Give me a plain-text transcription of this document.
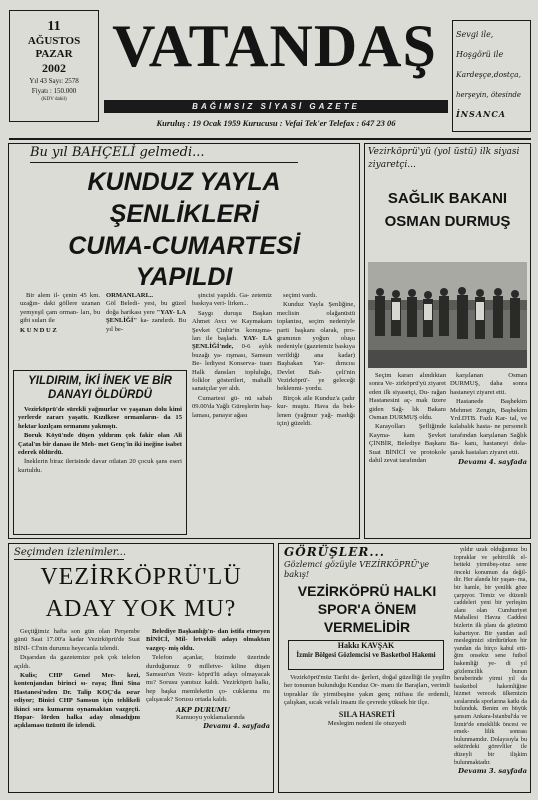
11
AĞUSTOS
PAZAR
2002
Yıl 43 Sayı: 2578
Fiyatı : 150.000
(KDV dahil)
VATANDAŞ
BAĞIMSIZ SİYASİ GAZETE
Kuruluş : 19 Ocak 1959 Kurucusu : Vefai Tek'er Telefax : 647 23 06
Sevgi ile,
Hoşgörü ile
Kardeşçe,dostça,
herşeyin, ötesinde
İNSANCA
Bu yıl BAHÇELİ gelmedi...
KUNDUZ YAYLA
ŞENLİKLERİ
CUMA-CUMARTESİ
YAPILDI

Bir alem il- çenin 45 km. uzağın- daki göllere uzanan yemyeşil çam orman- ları, bu gibi suları ile

K U N D U Z
ORMANLARI...
Göl Beledi- yesi, bu güzel doğa harikası yere "YAY- LA ŞENLİĞİ" ka- zandırdı. Bu yıl be-

şincisi yapıldı. Ga- zetemiz baskıya veri- lirken...

Saygı duruşu Başkan Ahmet Avcı ve Kaymakam Şevket Çinbir'in konuşma- ları ile başladı. YAY- LA ŞENLİĞİ'nde, 0-6 aylık buzağı ya- rışması, Samsun Be- lediyesi Konserva- tuarı Halk dansları topluluğu, folklor gösterileri, mahalli sanatçılar yer aldı.

Cumartesi gü- nü sabah 09.00'da Yağlı Güreşlerin baş- laması, panayır ağası

seçimi vardı.

Kunduz Yayla Şenliğine, meclisin olağanüstü toplantısı, seçim nedeniyle parti başkanı olarak, pro- gramının yoğun oluşu nedeniyle (gazetemiz baskıya verildiği ana kadar) Başbakan Yar- dımcısı Devlet Bah- çeli'nin Vezirköprü'- ye geleceği beklenmi- yordu.

Birçok aile Kunduz'a çadır kur- muştu. Hava da bek- lenen (yağmur yağ- madığı için) güzeldi.

YILDIRIM, İKİ İNEK VE BİR DANAYI ÖLDÜRDÜ

Vezirköprü'de sürekli yağmurlar ve yaşanan dolu kimi yerlerde zararı yaşattı. Kızılkese ormanların- da 15 hektar kızılçam ormanını yakmıştı.

Boruk Köyü'nde düşen yıldırım çok fakir olan Ali Çatal'ın bir danası ile Meh- met Genç'in iki ineğine isabet ederek öldürdü.

İneklerin biraz ilerisinde davar otlatan 20 çocuk şans eseri kurtuldu.

Vezirköprü'yü (yol üstü) ilk siyasi ziyaretçi...
SAĞLIK BAKANI
OSMAN DURMUŞ

Seçim kararı alındıktan sonra Ve- zirköprü'yü ziyaret eden ilk siyasetçi, Du- rağan Hastanesini aç- mak üzere giden Sağ- lık Bakanı Osman DURMUŞ oldu.

Karayolları Şefliğinde Kayma- kam Şevket ÇİNBİR, Belediye Başkanı Suat BİNİCİ ve protokole dahil zevat tarafından

karşılanan Osman DURMUŞ, daha sonra hastaneyi ziyaret etti.

Hastanede Başhekim Mehmet Zengin, Başhekim Yrd.DTB. Fazlı Kar- tal, ve kalabalık hasta- ne personeli tarafından karşılanan Sağlık Ba- kanı, hastaneyi dola- şarak hastaları ziyaret etti.

Devamı 4. sayfada
Seçimden izlenimler...
VEZİRKÖPRÜ'LÜ
ADAY YOK MU?

Geçtiğimiz hafta son gün olan Perşembe günü Saat 17.00'a kadar Vezirköprü'de Suat BİNİ- Cİ'nin durumu heyecanla izlendi.

Dışarıdan da gazetemize pek çok telefon açıldı.

Kulis; CHP Genel Mer- kezi, kontenjandan birinci sı- raya; İhni Sina Hastanesi'nden Dr. Talip KOÇ'da ısrar ediyor; Binici CHP Samsun için tehlikeli ikinci sıra kumarını oynamaktan vazgeçti. Hopar- lörden halka aday olmadığını açıklaması üzüntü ile izlendi.

Belediye Başkanlığı'n- dan istifa etmeyen BİNİCİ, Mil- letvekili adayı olmaktan vazgeç- miş oldu.

Telefon açanlar, bizimde üzerinde durduğumuz 9 milletve- kiline düşen Samsun'un Vezir- köprü'lü adayı olmayacak mı? Sorusu yanıtsız kaldı. Vezirköprü halkı, hep başka memleketin ço- cuklarına mı çalışacak? Sorusu ortada kaldı.

AKP DURUMU
Kamuoyu yoklamalarında
Devamı 4. sayfada
GÖRÜŞLER...
Gözlemci gözüyle VEZİRKÖPRÜ'ye bakış!
VEZİRKÖPRÜ HALKI
SPOR'A ÖNEM
VERMELİDİR
Hakkı KAVŞAK
İzmir Bölgesi Gözlemcisi ve Basketbol Hakemi

Vezirköprü'müz Tarihi de- ğerleri, doğal güzelliği ile yeşilin her tonunun bulunduğu Kunduz Or- manı ile Barajları, verimli topraklar ile yirmibeşine yakın genç nüfusu ile erdemli, çalışkan, sıcak vefalı insanı ile çevrede yüksek bir ilçe.

SILA HASRETİ
Meslegim nedeni ile otuzyedi

yıldır uzak olduğumuz bu topraklar ve şehircilik el- betteki yirmibeş-otuz sene önceki konumun da değil- dir. Her alanda bir yaşan- ma, bir hamle, bir yenilik göze çarpıyor. Temiz ve düzenli caddeleri yeni bir yerleşim alanı olan Cumhuriyet Mahallesi Havza Caddesi bizlerin ilk planı da gözümü kabartıyor. Bir yandan asil meslegimizi sürdürürken bir yandan da birço kabul etti- ğim onsekiz sene futbol hakemliği ye- di yıl gözlemcilik bunun beraberinde yirmi yıl da basketbol hakemliğine hizmet verecek ülkemizin sıralarında sporlarına katkı da bulunduk. Benim en büyük şansım Ankara-İstanbul'da ve İzmir'de emeklilik öncesi ve emek- lilik sonrası bulunmamdır. Dolayısıyla bu sektördeki görevliler ile düzeyli bir ilişkim bulunmaktadır.

Devamı 3. sayfada
